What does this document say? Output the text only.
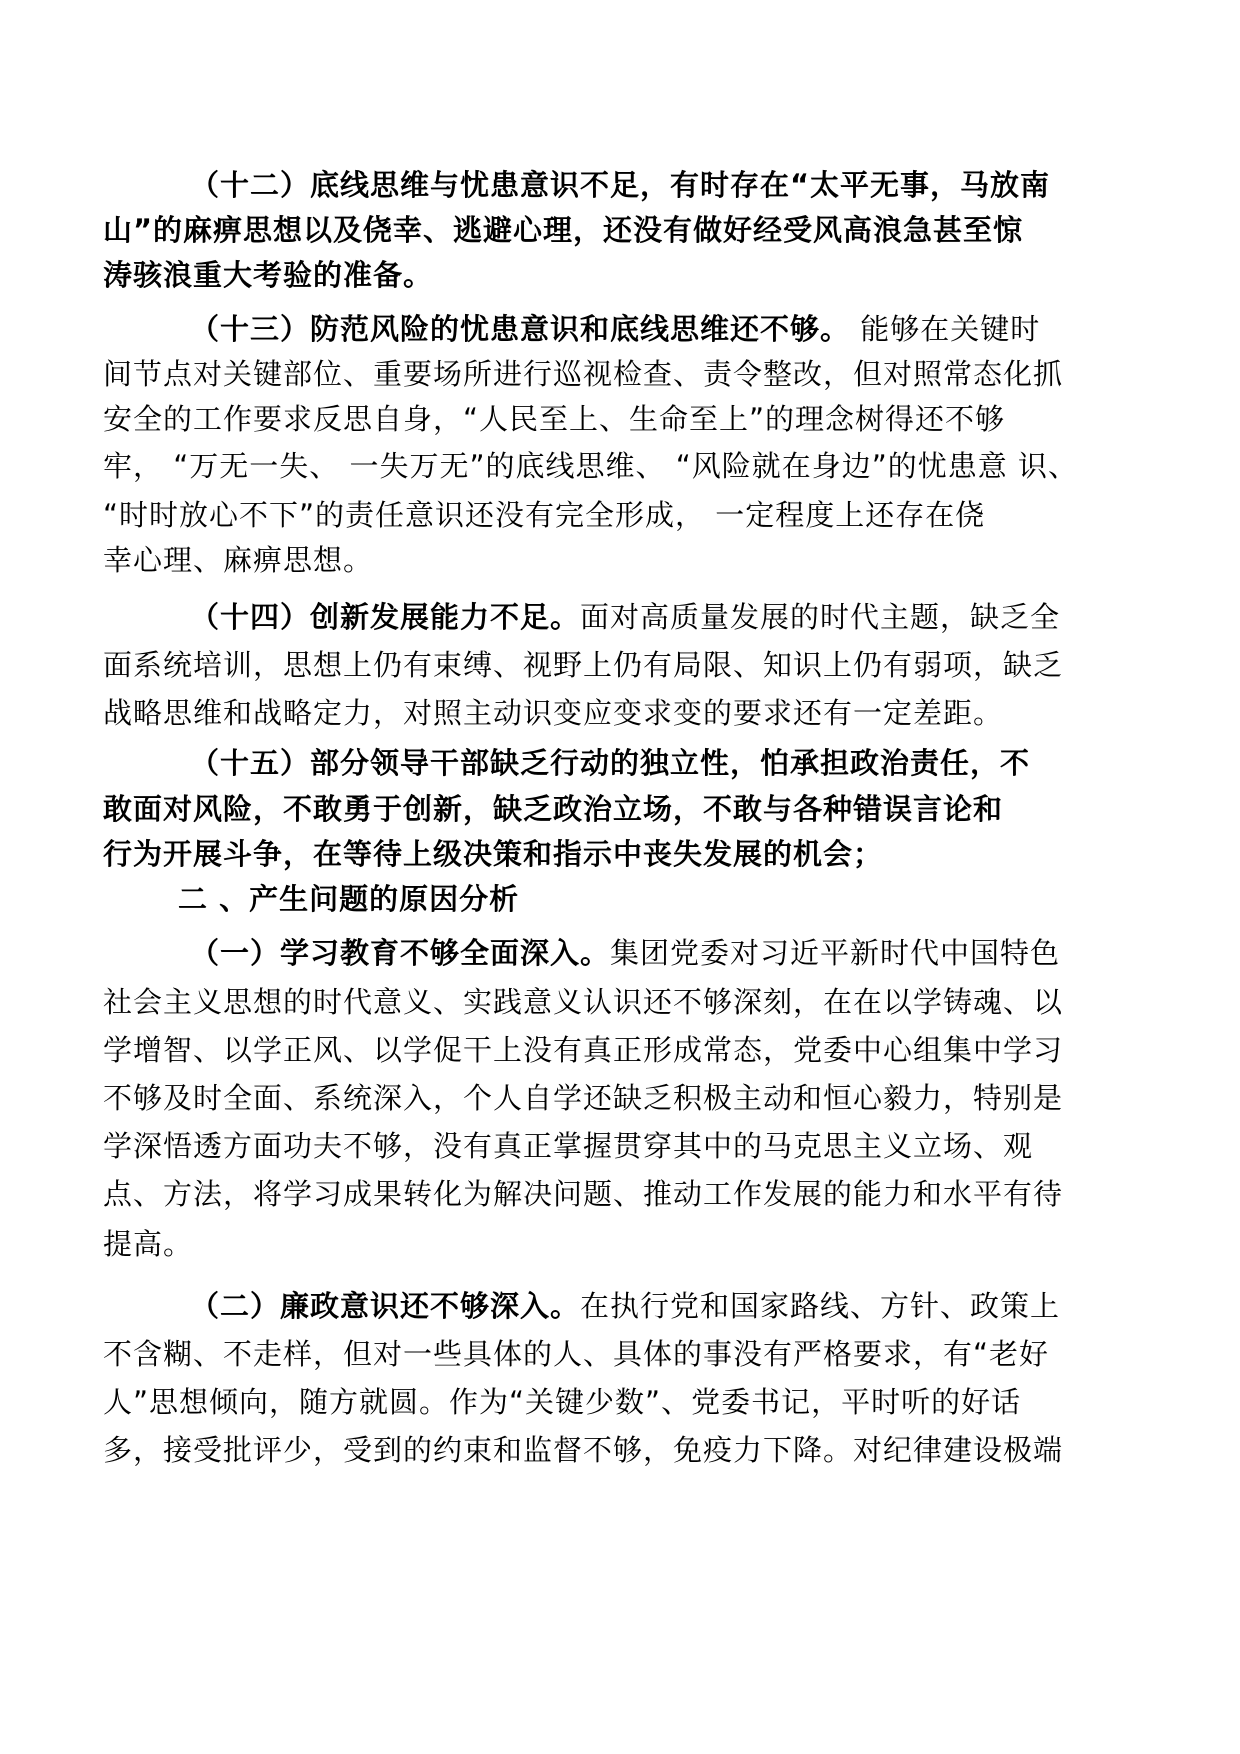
（十二）底线思维与忧患意识不足，有时存在“太平无事，马放南
山”的麻痹思想以及侥幸、逃避心理，还没有做好经受风高浪急甚至惊
涛骇浪重大考验的准备。
（十三）防范风险的忧患意识和底线思维还不够。 能够在关键时
间节点对关键部位、重要场所进行巡视检查、责令整改，但对照常态化抓
安全的工作要求反思自身，“人民至上、生命至上”的理念树得还不够
牢， “万无一失、 一失万无”的底线思维、 “风险就在身边”的忧患意 识、
“时时放心不下”的责任意识还没有完全形成， 一定程度上还存在侥
幸心理、麻痹思想。
（十四）创新发展能力不足。面对高质量发展的时代主题，缺乏全
面系统培训，思想上仍有束缚、视野上仍有局限、知识上仍有弱项，缺乏
战略思维和战略定力，对照主动识变应变求变的要求还有一定差距。
（十五）部分领导干部缺乏行动的独立性，怕承担政治责任，不
敢面对风险，不敢勇于创新，缺乏政治立场，不敢与各种错误言论和
行为开展斗争，在等待上级决策和指示中丧失发展的机会；
二 、产生问题的原因分析
（一）学习教育不够全面深入。集团党委对习近平新时代中国特色
社会主义思想的时代意义、实践意义认识还不够深刻，在在以学铸魂、以
学增智、以学正风、以学促干上没有真正形成常态，党委中心组集中学习
不够及时全面、系统深入，个人自学还缺乏积极主动和恒心毅力，特别是
学深悟透方面功夫不够，没有真正掌握贯穿其中的马克思主义立场、观
点、方法，将学习成果转化为解决问题、推动工作发展的能力和水平有待
提高。
（二）廉政意识还不够深入。在执行党和国家路线、方针、政策上
不含糊、不走样，但对一些具体的人、具体的事没有严格要求，有“老好
人”思想倾向，随方就圆。作为“关键少数”、党委书记，平时听的好话
多，接受批评少，受到的约束和监督不够，免疫力下降。对纪律建设极端
